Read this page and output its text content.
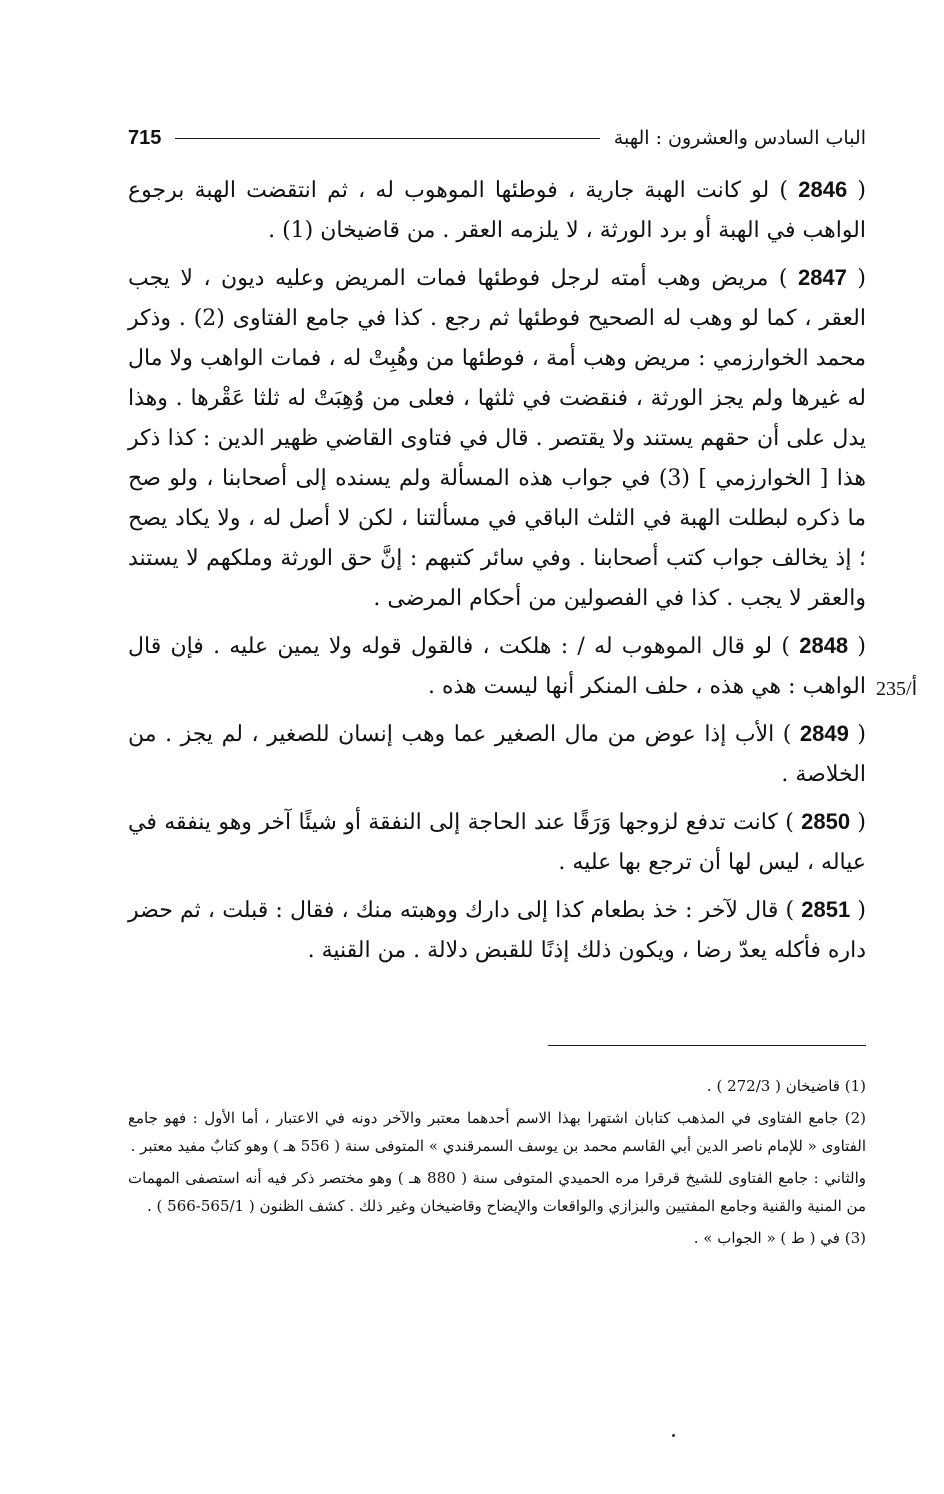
الباب السادس والعشرون : الهبة
715
235/أ

( 2846 ) لو كانت الهبة جارية ، فوطئها الموهوب له ، ثم انتقضت الهبة برجوع الواهب في الهبة أو برد الورثة ، لا يلزمه العقر . من قاضيخان (1) .

( 2847 ) مريض وهب أمته لرجل فوطئها فمات المريض وعليه ديون ، لا يجب العقر ، كما لو وهب له الصحيح فوطئها ثم رجع . كذا في جامع الفتاوى (2) . وذكر محمد الخوارزمي : مريض وهب أمة ، فوطئها من وهُبِتْ له ، فمات الواهب ولا مال له غيرها ولم يجز الورثة ، فنقضت في ثلثها ، فعلى من وُهِبَتْ له ثلثا عَقْرها . وهذا يدل على أن حقهم يستند ولا يقتصر . قال في فتاوى القاضي ظهير الدين : كذا ذكر هذا [ الخوارزمي ] (3) في جواب هذه المسألة ولم يسنده إلى أصحابنا ، ولو صح ما ذكره لبطلت الهبة في الثلث الباقي في مسألتنا ، لكن لا أصل له ، ولا يكاد يصح ؛ إذ يخالف جواب كتب أصحابنا . وفي سائر كتبهم : إنَّ حق الورثة وملكهم لا يستند والعقر لا يجب . كذا في الفصولين من أحكام المرضى .

( 2848 ) لو قال الموهوب له / : هلكت ، فالقول قوله ولا يمين عليه . فإن قال الواهب : هي هذه ، حلف المنكر أنها ليست هذه .

( 2849 ) الأب إذا عوض من مال الصغير عما وهب إنسان للصغير ، لم يجز . من الخلاصة .

( 2850 ) كانت تدفع لزوجها وَرَقًا عند الحاجة إلى النفقة أو شيئًا آخر وهو ينفقه في عياله ، ليس لها أن ترجع بها عليه .

( 2851 ) قال لآخر : خذ بطعام كذا إلى دارك ووهبته منك ، فقال : قبلت ، ثم حضر داره فأكله يعدّ رضا ، ويكون ذلك إذنًا للقبض دلالة . من القنية .

(1) قاضيخان ( 272/3 ) .

(2) جامع الفتاوى في المذهب كتابان اشتهرا بهذا الاسم أحدهما معتبر والآخر دونه في الاعتبار ، أما الأول : فهو جامع الفتاوى « للإمام ناصر الدين أبي القاسم محمد بن يوسف السمرقندي » المتوفى سنة ( 556 هـ ) وهو كتابٌ مفيد معتبر .

والثاني : جامع الفتاوى للشيخ قرقرا مره الحميدي المتوفى سنة ( 880 هـ ) وهو مختصر ذكر فيه أنه استصفى المهمات من المنية والقنية وجامع المفتيين والبزازي والواقعات والإيضاح وقاضيخان وغير ذلك . كشف الظنون ( 565/1-566 ) .

(3) في ( ط ) « الجواب » .
